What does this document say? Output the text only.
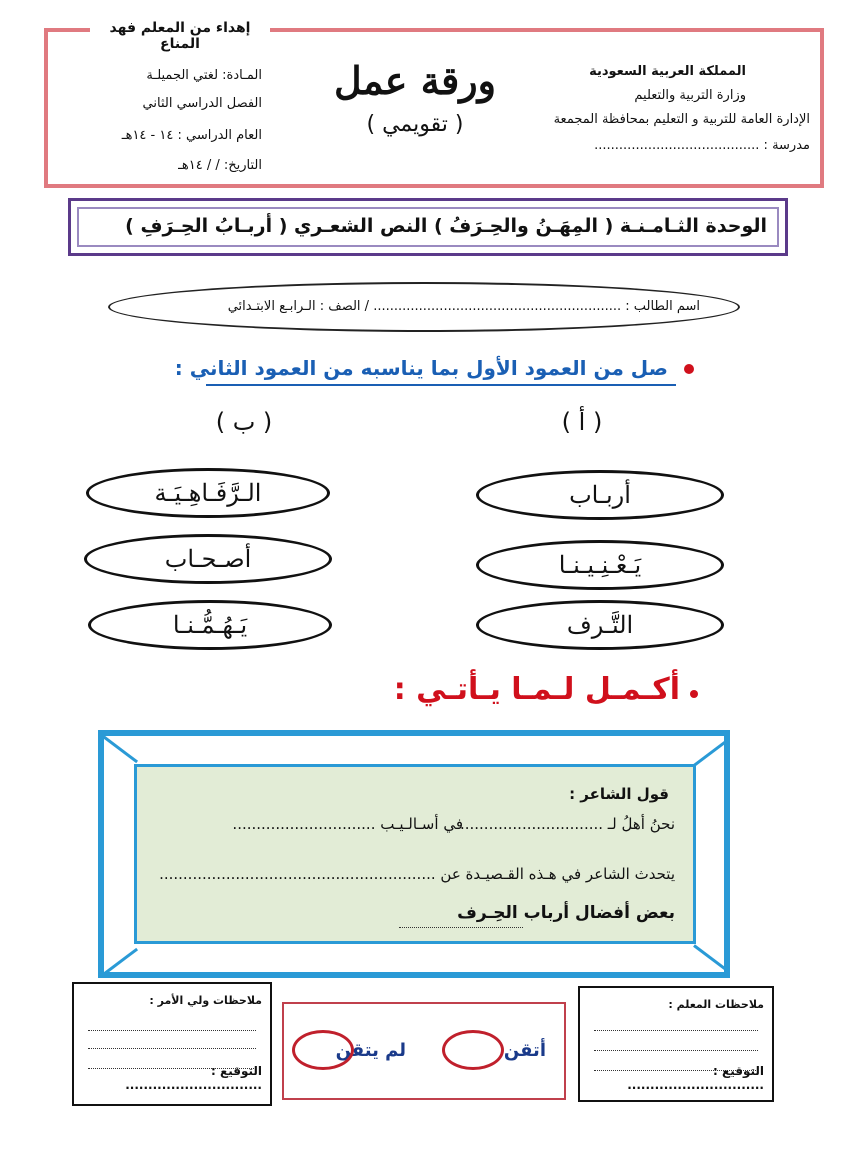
إهداء من المعلم فهد المناع
المملكة العربية السعودية
وزارة التربية والتعليم
الإدارة العامة للتربية و التعليم بمحافظة المجمعة
مدرسة : ........................................
ورقة عمل
( تقويمي )
المـادة: لغتي الجميلـة
الفصل الدراسي الثاني
العام الدراسي : ١٤ - ١٤هـ
التاريخ: / / ١٤هـ
الوحدة الثـامـنـة ( المِهَـنُ والحِـرَفُ ) النص الشعـري ( أربـابُ الحِـرَفِ )
اسم الطالب : ............................................................ / الصف : الـرابـع الابتـدائي
صل من العمود الأول بما يناسبه من العمود الثاني :
( أ )
( ب )
أربـاب
يَـعْـنِـيـنـا
التَّـرف
الـرَّفَـاهِـيَـة
أصـحـاب
يَـهُـمُّـنـا
أكـمـل لـمـا يـأتـي :
قول الشاعر :
نحنُ أهلُ لـ ..............................
في أسـالـيـب ..............................
يتحدث الشاعر في هـذه القـصيـدة عن ..........................................................
بعض أفضال أرباب الحِـرف
ملاحظات ولي الأمر :
التوقيع : ..............................
أتقن
لم يتقن
ملاحظات المعلم :
التوقيع : ..............................
